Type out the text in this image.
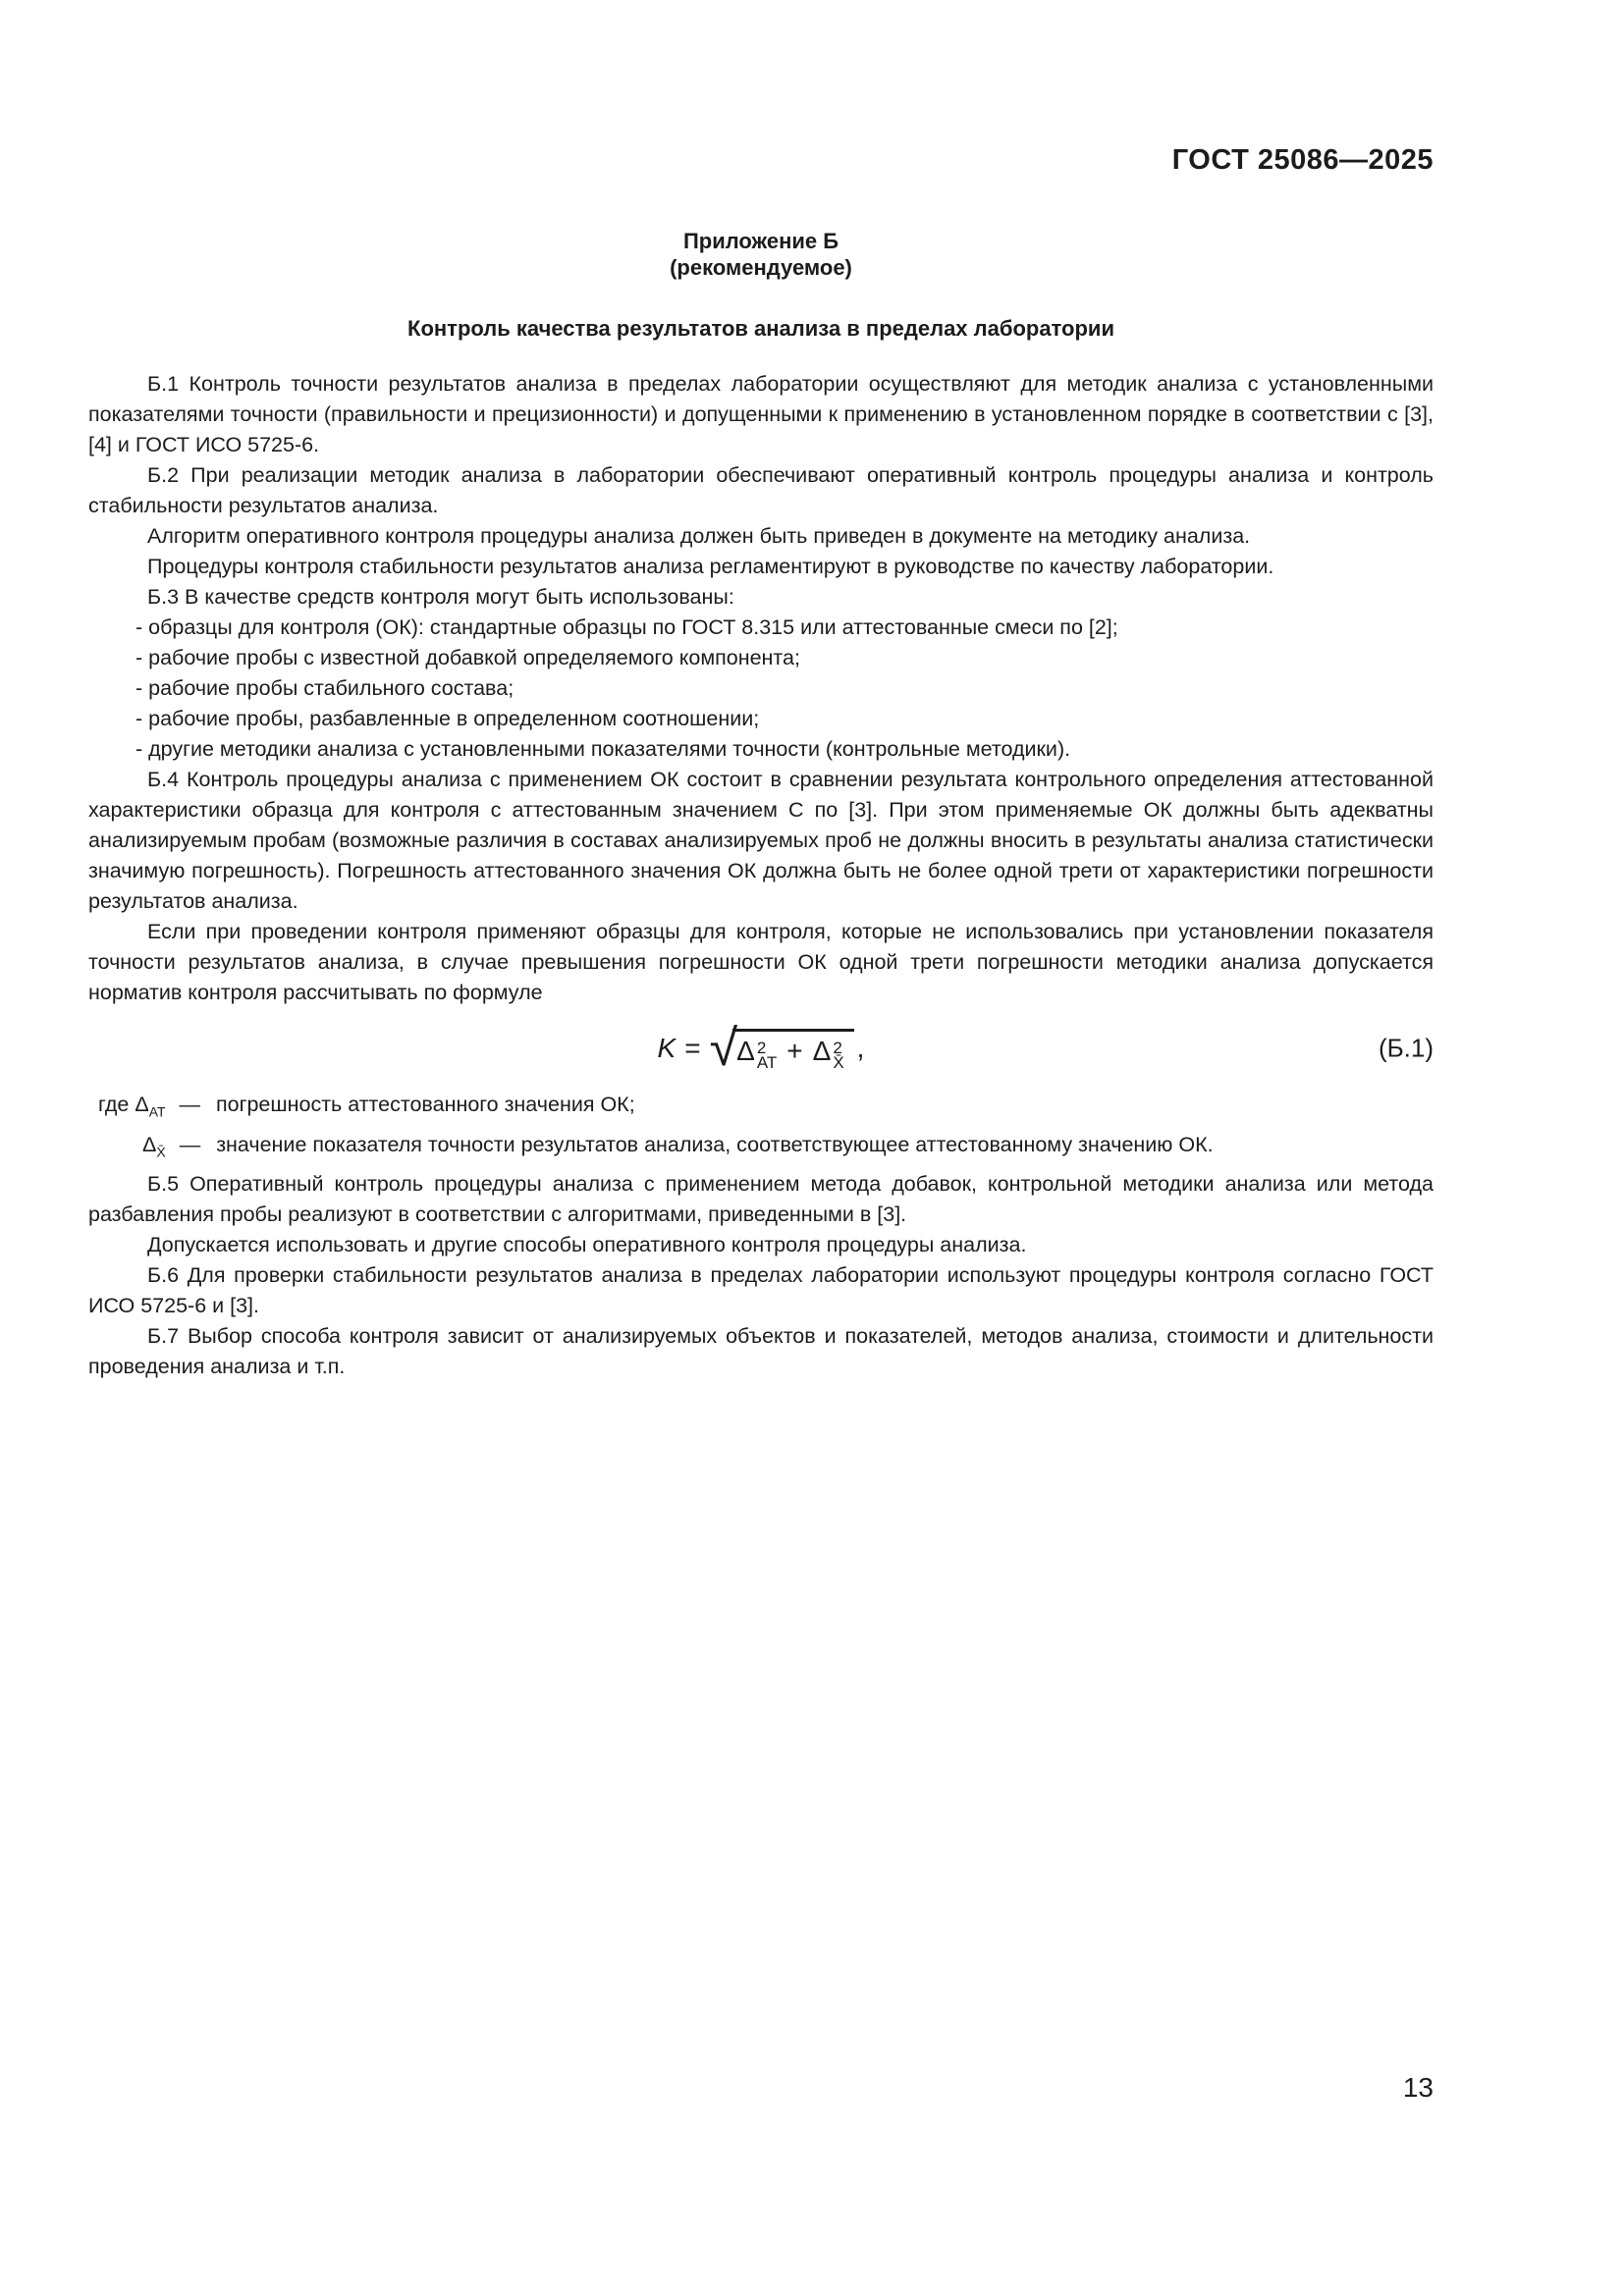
ГОСТ 25086—2025
Приложение Б
(рекомендуемое)
Контроль качества результатов анализа в пределах лаборатории
Б.1 Контроль точности результатов анализа в пределах лаборатории осуществляют для методик анализа с установленными показателями точности (правильности и прецизионности) и допущенными к применению в установленном порядке в соответствии с [3], [4] и ГОСТ ИСО 5725-6.
Б.2 При реализации методик анализа в лаборатории обеспечивают оперативный контроль процедуры анализа и контроль стабильности результатов анализа.
Алгоритм оперативного контроля процедуры анализа должен быть приведен в документе на методику анализа.
Процедуры контроля стабильности результатов анализа регламентируют в руководстве по качеству лаборатории.
Б.3 В качестве средств контроля могут быть использованы:
- образцы для контроля (ОК): стандартные образцы по ГОСТ 8.315 или аттестованные смеси по [2];
- рабочие пробы с известной добавкой определяемого компонента;
- рабочие пробы стабильного состава;
- рабочие пробы, разбавленные в определенном соотношении;
- другие методики анализа с установленными показателями точности (контрольные методики).
Б.4 Контроль процедуры анализа с применением ОК состоит в сравнении результата контрольного определения аттестованной характеристики образца для контроля с аттестованным значением С по [3]. При этом применяемые ОК должны быть адекватны анализируемым пробам (возможные различия в составах анализируемых проб не должны вносить в результаты анализа статистически значимую погрешность). Погрешность аттестованного значения ОК должна быть не более одной трети от характеристики погрешности результатов анализа.
Если при проведении контроля применяют образцы для контроля, которые не использовались при установлении показателя точности результатов анализа, в случае превышения погрешности ОК одной трети погрешности методики анализа допускается норматив контроля рассчитывать по формуле
K = √ Δ 2
АТ + Δ 2
X̄ ,	(Б.1)
где $\Delta_{АТ}$ — погрешность аттестованного значения ОК;
$\Delta_{X̄}$ — значение показателя точности результатов анализа, соответствующее аттестованному значению ОК.
Б.5 Оперативный контроль процедуры анализа с применением метода добавок, контрольной методики анализа или метода разбавления пробы реализуют в соответствии с алгоритмами, приведенными в [3].
Допускается использовать и другие способы оперативного контроля процедуры анализа.
Б.6 Для проверки стабильности результатов анализа в пределах лаборатории используют процедуры контроля согласно ГОСТ ИСО 5725-6 и [3].
Б.7 Выбор способа контроля зависит от анализируемых объектов и показателей, методов анализа, стоимости и длительности проведения анализа и т.п.
13
